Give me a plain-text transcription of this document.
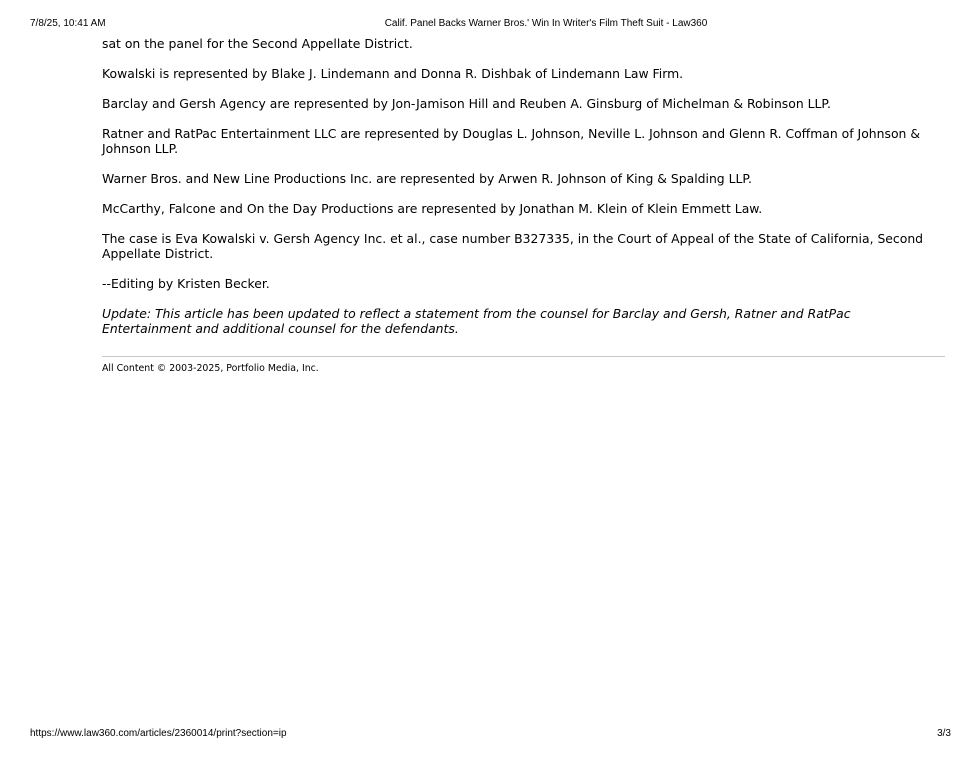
7/8/25, 10:41 AM	Calif. Panel Backs Warner Bros.' Win In Writer's Film Theft Suit - Law360

sat on the panel for the Second Appellate District.

Kowalski is represented by Blake J. Lindemann and Donna R. Dishbak of Lindemann Law Firm.

Barclay and Gersh Agency are represented by Jon-Jamison Hill and Reuben A. Ginsburg of Michelman & Robinson LLP.

Ratner and RatPac Entertainment LLC are represented by Douglas L. Johnson, Neville L. Johnson and Glenn R. Coffman of Johnson & Johnson LLP.

Warner Bros. and New Line Productions Inc. are represented by Arwen R. Johnson of King & Spalding LLP.

McCarthy, Falcone and On the Day Productions are represented by Jonathan M. Klein of Klein Emmett Law.

The case is Eva Kowalski v. Gersh Agency Inc. et al., case number B327335, in the Court of Appeal of the State of California, Second Appellate District.

--Editing by Kristen Becker.

Update: This article has been updated to reflect a statement from the counsel for Barclay and Gersh, Ratner and RatPac Entertainment and additional counsel for the defendants.

All Content © 2003-2025, Portfolio Media, Inc.
https://www.law360.com/articles/2360014/print?section=ip	3/3
